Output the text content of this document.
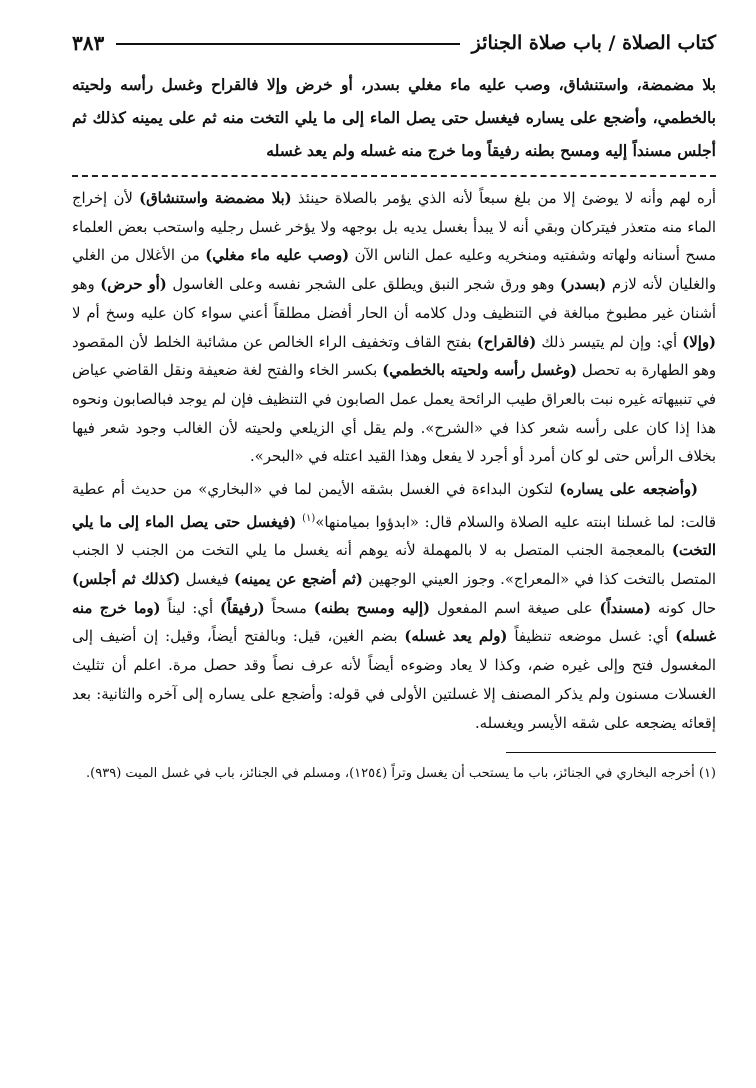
كتاب الصلاة / باب صلاة الجنائز
٣٨٣
بلا مضمضة، واستنشاق، وصب عليه ماء مغلي بسدر، أو خرض وإلا فالقراح وغسل رأسه ولحيته بالخطمي، وأضجع على يساره فيغسل حتى يصل الماء إلى ما يلي التخت منه ثم على يمينه كذلك ثم أجلس مسنداً إليه ومسح بطنه رفيقاً وما خرج منه غسله ولم يعد غسله

أره لهم وأنه لا يوضئ إلا من بلغ سبعاً لأنه الذي يؤمر بالصلاة حينئذ (بلا مضمضة واستنشاق) لأن إخراج الماء منه متعذر فيتركان وبقي أنه لا يبدأ بغسل يديه بل بوجهه ولا يؤخر غسل رجليه واستحب بعض العلماء مسح أسنانه ولهاته وشفتيه ومنخريه وعليه عمل الناس الآن (وصب عليه ماء مغلي) من الأغلال من الغلي والغليان لأنه لازم (بسدر) وهو ورق شجر النبق ويطلق على الشجر نفسه وعلى الغاسول (أو حرض) وهو أشنان غير مطبوخ مبالغة في التنظيف ودل كلامه أن الحار أفضل مطلقاً أعني سواء كان عليه وسخ أم لا (وإلا) أي: وإن لم يتيسر ذلك (فالقراح) بفتح القاف وتخفيف الراء الخالص عن مشائبة الخلط لأن المقصود وهو الطهارة به تحصل (وغسل رأسه ولحيته بالخطمي) بكسر الخاء والفتح لغة ضعيفة ونقل القاضي عياض في تنبيهاته غيره نبت بالعراق طيب الرائحة يعمل عمل الصابون في التنظيف فإن لم يوجد فبالصابون ونحوه هذا إذا كان على رأسه شعر كذا في «الشرح». ولم يقل أي الزيلعي ولحيته لأن الغالب وجود شعر فيها بخلاف الرأس حتى لو كان أمرد أو أجرد لا يفعل وهذا القيد اعتله في «البحر».

(وأضجعه على يساره) لتكون البداءة في الغسل بشقه الأيمن لما في «البخاري» من حديث أم عطية قالت: لما غسلنا ابنته عليه الصلاة والسلام قال: «ابدؤوا بميامنها»$^{(١)}$ (فيغسل حتى يصل الماء إلى ما يلي التخت) بالمعجمة الجنب المتصل به لا بالمهملة لأنه يوهم أنه يغسل ما يلي التخت من الجنب لا الجنب المتصل بالتخت كذا في «المعراج». وجوز العيني الوجهين (ثم أضجع عن يمينه) فيغسل (كذلك ثم أجلس) حال كونه (مسنداً) على صيغة اسم المفعول (إليه ومسح بطنه) مسحاً (رفيقاً) أي: ليناً (وما خرج منه غسله) أي: غسل موضعه تنظيفاً (ولم يعد غسله) بضم الغين، قيل: وبالفتح أيضاً، وقيل: إن أضيف إلى المغسول فتح وإلى غيره ضم، وكذا لا يعاد وضوءه أيضاً لأنه عرف نصاً وقد حصل مرة. اعلم أن تثليث الغسلات مسنون ولم يذكر المصنف إلا غسلتين الأولى في قوله: وأضجع على يساره إلى آخره والثانية: بعد إقعائه يضجعه على شقه الأيسر ويغسله.

(١) أخرجه البخاري في الجنائز، باب ما يستحب أن يغسل وتراً (١٢٥٤)، ومسلم في الجنائز، باب في غسل الميت (٩٣٩).
